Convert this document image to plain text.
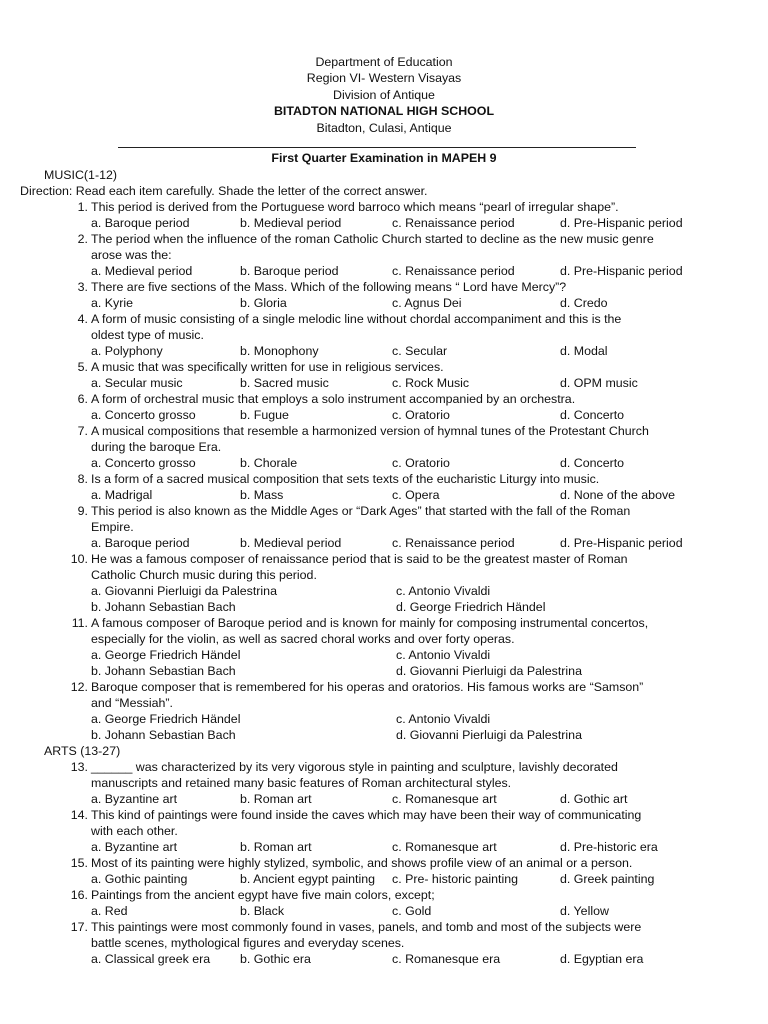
Department of Education
Region VI- Western Visayas
Division of Antique
BITADTON NATIONAL HIGH SCHOOL
Bitadton, Culasi, Antique
First Quarter Examination in MAPEH 9
MUSIC(1-12)
Direction: Read each item carefully. Shade the letter of the correct answer.
1. This period is derived from the Portuguese word barroco which means “pearl of irregular shape”.
a. Baroque period	b. Medieval period	c. Renaissance period	d. Pre-Hispanic period
2. The period when the influence of the roman Catholic Church started to decline as the new music genre
arose was the:
a. Medieval period	b. Baroque period	c. Renaissance period	d. Pre-Hispanic period
3. There are five sections of the Mass. Which of the following means “ Lord have Mercy”?
a. Kyrie	b. Gloria	c. Agnus Dei	d. Credo
4. A form of music consisting of a single melodic line without chordal accompaniment and this is the
oldest type of music.
a. Polyphony	b. Monophony	c. Secular	d. Modal
5. A music that was specifically written for use in religious services.
a. Secular music	b. Sacred music	c. Rock Music	d. OPM music
6. A form of orchestral music that employs a solo instrument accompanied by an orchestra.
a. Concerto grosso	b. Fugue	c. Oratorio	d. Concerto
7. A musical compositions that resemble a harmonized version of hymnal tunes of the Protestant Church
during the baroque Era.
a. Concerto grosso	b. Chorale	c. Oratorio	d. Concerto
8. Is a form of a sacred musical composition that sets texts of the eucharistic Liturgy into music.
a. Madrigal	b. Mass	c. Opera	d. None of the above
9. This period is also known as the Middle Ages or “Dark Ages” that started with the fall of the Roman
Empire.
a. Baroque period	b. Medieval period	c. Renaissance period	d. Pre-Hispanic period
10. He was a famous composer of renaissance period that is said to be the greatest master of Roman
Catholic Church music during this period.
a. Giovanni Pierluigi da Palestrina	c. Antonio Vivaldi
b. Johann Sebastian Bach	d. George Friedrich Händel
11. A famous composer of Baroque period and is known for mainly for composing instrumental concertos,
especially for the violin, as well as sacred choral works and over forty operas.
a. George Friedrich Händel	c. Antonio Vivaldi
b. Johann Sebastian Bach	d. Giovanni Pierluigi da Palestrina
12. Baroque composer that is remembered for his operas and oratorios. His famous works are “Samson”
and “Messiah”.
a. George Friedrich Händel	c. Antonio Vivaldi
b. Johann Sebastian Bach	d. Giovanni Pierluigi da Palestrina
ARTS (13-27)
13. ______ was characterized by its very vigorous style in painting and sculpture, lavishly decorated
manuscripts and retained many basic features of Roman architectural styles.
a. Byzantine art	b. Roman art	c. Romanesque art	d. Gothic art
14. This kind of paintings were found inside the caves which may have been their way of communicating
with each other.
a. Byzantine art	b. Roman art	c. Romanesque art	d. Pre-historic era
15. Most of its painting were highly stylized, symbolic, and shows profile view of an animal or a person.
a. Gothic painting	b. Ancient egypt painting c. Pre- historic painting	d. Greek painting
16. Paintings from the ancient egypt have five main colors, except;
a. Red	b. Black	c. Gold	d. Yellow
17. This paintings were most commonly found in vases, panels, and tomb and most of the subjects were
battle scenes, mythological figures and everyday scenes.
a. Classical greek era b. Gothic era	c. Romanesque era	d. Egyptian era
